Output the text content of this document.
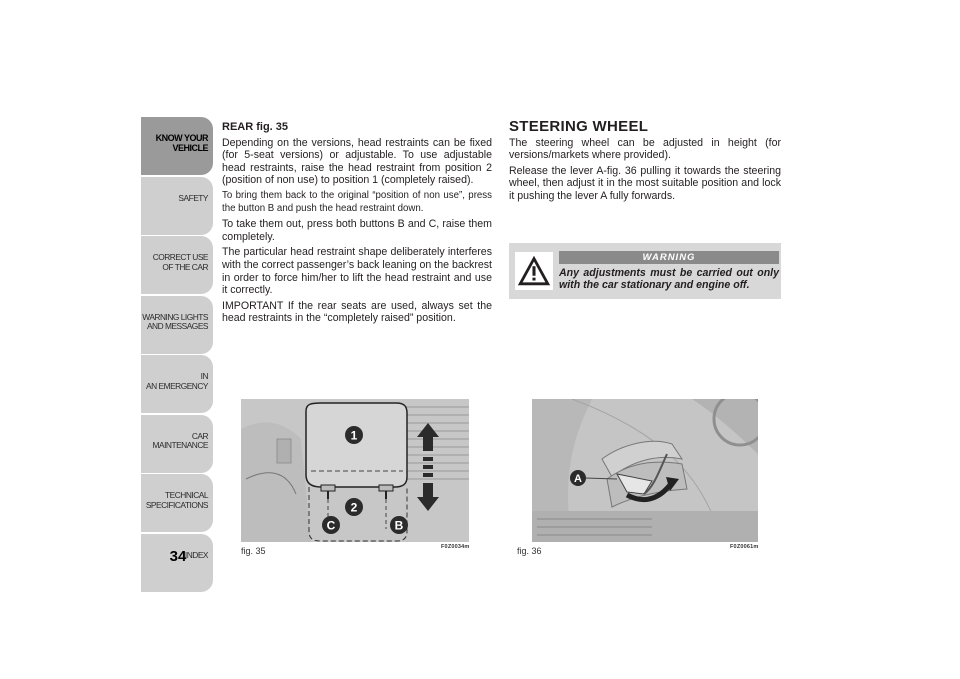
KNOW YOUR
VEHICLE
SAFETY
CORRECT USE
OF THE CAR
WARNING LIGHTS
AND MESSAGES
IN
AN EMERGENCY
CAR
MAINTENANCE
TECHNICAL
SPECIFICATIONS
INDEX
34

REAR fig. 35

Depending on the versions, head restraints can be fixed (for 5-seat versions) or adjustable. To use adjustable head restraints, raise the head restraint from position 2 (position of non use) to position 1 (completely raised).

To bring them back to the original “position of non use”, press the button B and push the head restraint down.

To take them out, press both buttons B and C, raise them completely.

The particular head restraint shape deliberately interferes with the correct passenger’s back leaning on the backrest in order to force him/her to lift the head restraint and use it correctly.

IMPORTANT If the rear seats are used, always set the head restraints in the “completely raised” position.

STEERING WHEEL

The steering wheel can be adjusted in height (for versions/markets where provided).

Release the lever A-fig. 36 pulling it towards the steering wheel, then adjust it in the most suitable position and lock it pushing the lever A fully forwards.

WARNING
Any adjustments must be carried out only with the car stationary and engine off.
1
2
B
C
fig. 35	F0Z0034m
A
fig. 36	F0Z0061m
